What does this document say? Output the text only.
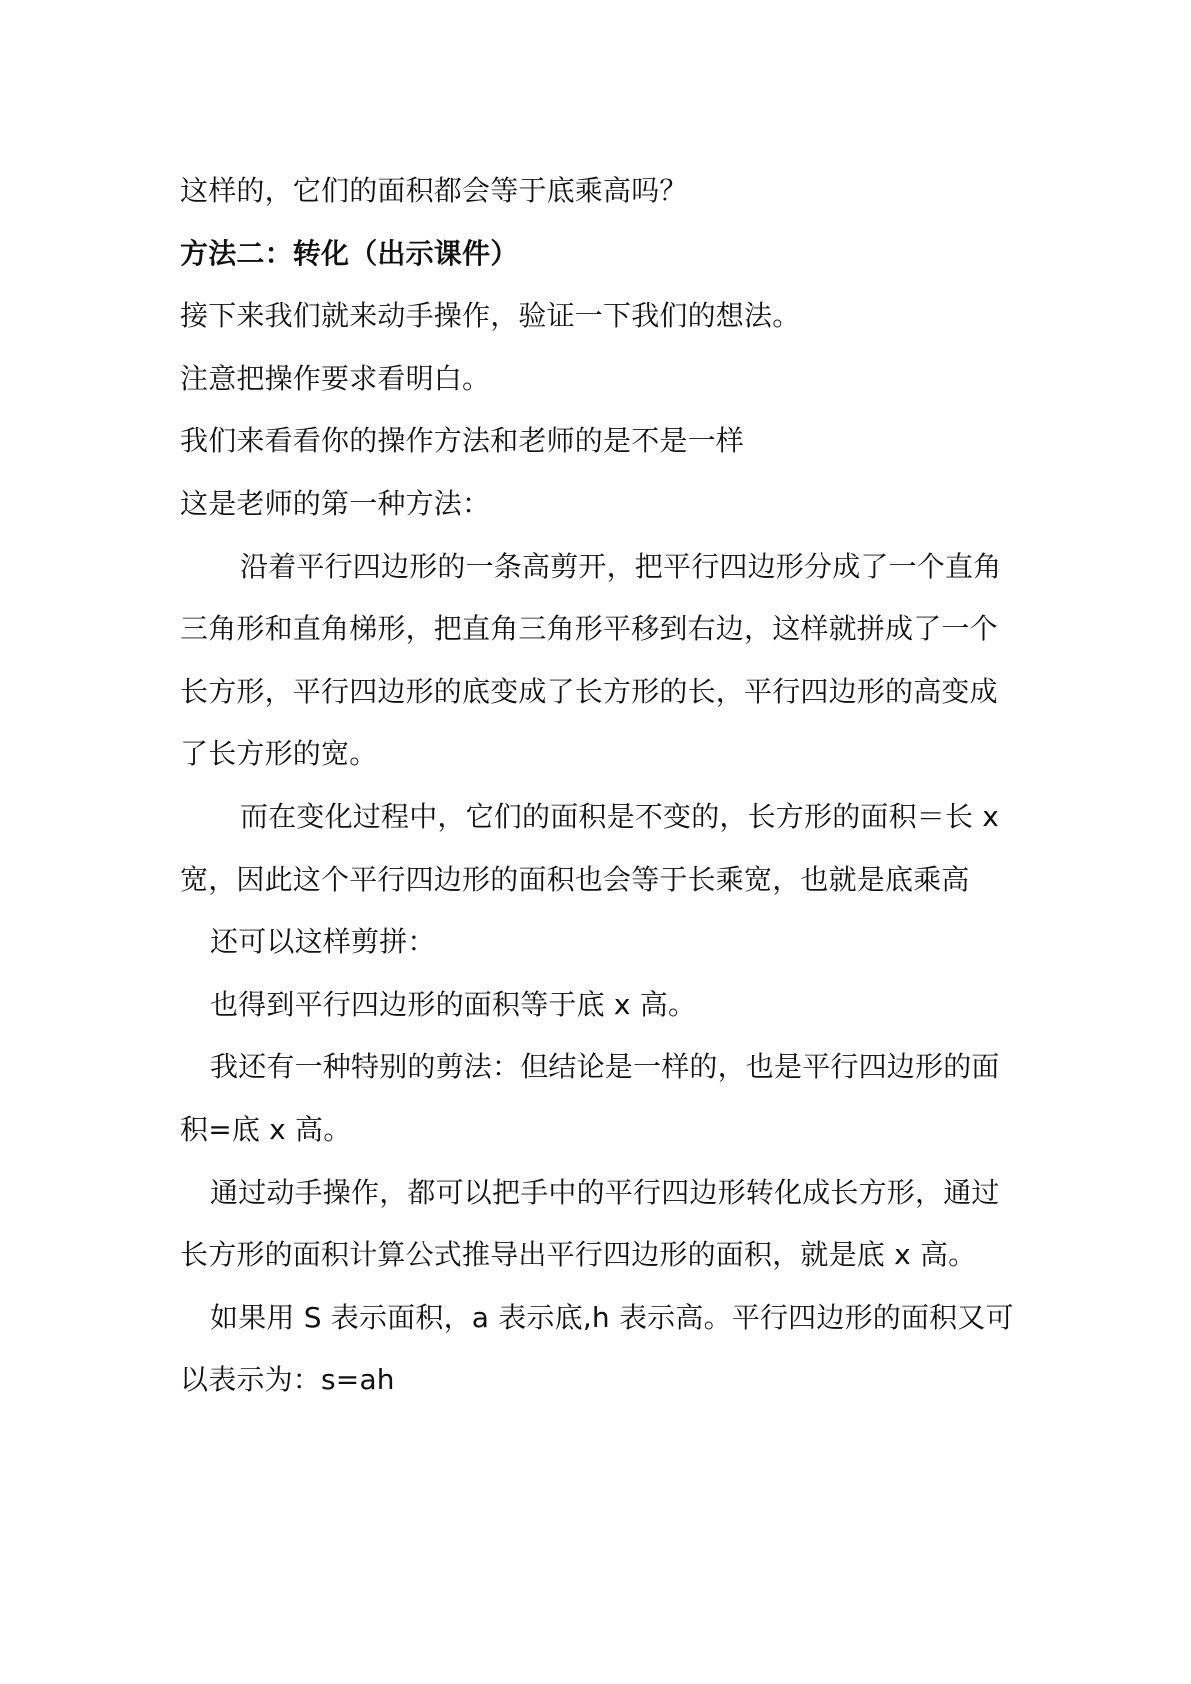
这样的，它们的面积都会等于底乘高吗？

方法二：转化（出示课件）

接下来我们就来动手操作，验证一下我们的想法。

注意把操作要求看明白。

我们来看看你的操作方法和老师的是不是一样

这是老师的第一种方法：

沿着平行四边形的一条高剪开，把平行四边形分成了一个直角三角形和直角梯形，把直角三角形平移到右边，这样就拼成了一个长方形，平行四边形的底变成了长方形的长，平行四边形的高变成了长方形的宽。

而在变化过程中，它们的面积是不变的，长方形的面积＝长 x 宽，因此这个平行四边形的面积也会等于长乘宽，也就是底乘高

还可以这样剪拼：

也得到平行四边形的面积等于底 x 高。

我还有一种特别的剪法：但结论是一样的，也是平行四边形的面积=底 x 高。

通过动手操作，都可以把手中的平行四边形转化成长方形，通过长方形的面积计算公式推导出平行四边形的面积，就是底 x 高。

如果用 S 表示面积，a 表示底,h 表示高。平行四边形的面积又可以表示为：s=ah
